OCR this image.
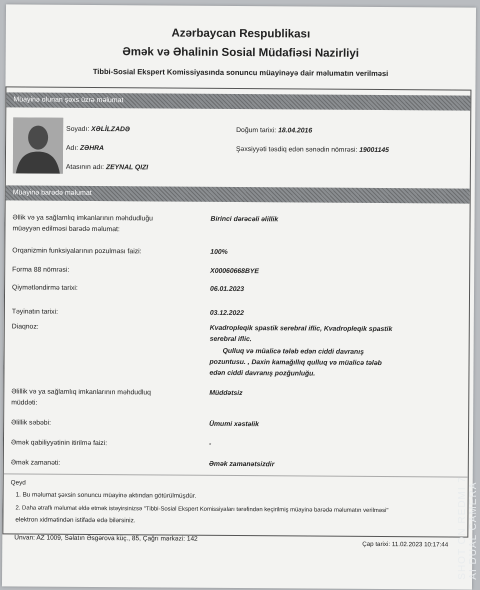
Azərbaycan Respublikası
Əmək və Əhalinin Sosial Müdafiəsi Nazirliyi
Tibbi-Sosial Ekspert Komissiyasında sonuncu müayinəyə dair məlumatın verilməsi
Müayinə olunan şəxs üzrə məlumat
Soyadı: XƏLİLZADƏ
Adı: ZƏHRA
Atasının adı: ZEYNAL QIZI
Doğum tarixi: 18.04.2016
Şəxsiyyəti təsdiq edən sənədin nömrəsi: 19001145
Müayinə barədə məlumat
Əllik və ya sağlamlıq imkanlarının məhdudluğu
müəyyən edilməsi barədə məlumat:
Birinci dərəcəli əlillik
Orqanizmin funksiyalarının pozulması faizi:	100%
Forma 88 nömrəsi:	X00060668BYE
Qiymətləndirmə tarixi:	06.01.2023
Təyinatın tarixi:	03.12.2022
Diaqnoz:	Kvadropleqik spastik serebral iflic, Kvadropleqik spastik
serebral iflic.
Qulluq və müalicə tələb edən ciddi davranış
pozuntusu. , Daxin kamağıllıq qulluq və müalicə tələb
edən ciddi davranış pozğunluğu.
Əlillik və ya sağlamlıq imkanlarının məhdudluq
müddəti:
Müddətsiz
Əlillik səbəbi:	Ümumi xəstəlik
Əmək qabiliyyətinin itirilmə faizi:	-
Əmək zamanəti:	Əmək zamanətsizdir
Qeyd
1. Bu məlumat şəxsin sonuncu müayinə aktından götürülmüşdür.
2. Daha ətraflı məlumat əldə etmək istəyirsinizsə "Tibbi-Sosial Ekspert Komissiyaları tərəfindən keçirilmiş müayinə barədə məlumatın verilməsi"
elektron xidmətindən istifadə edə bilərsiniz.
Ünvan: AZ 1009, Səlatın Əsgərova küç., 85, Çağrı mərkəzi: 142
Çap tarixi: 11.02.2023 10:17:44 SHOT ON REDMI 7 AI DUAL CAMERA
